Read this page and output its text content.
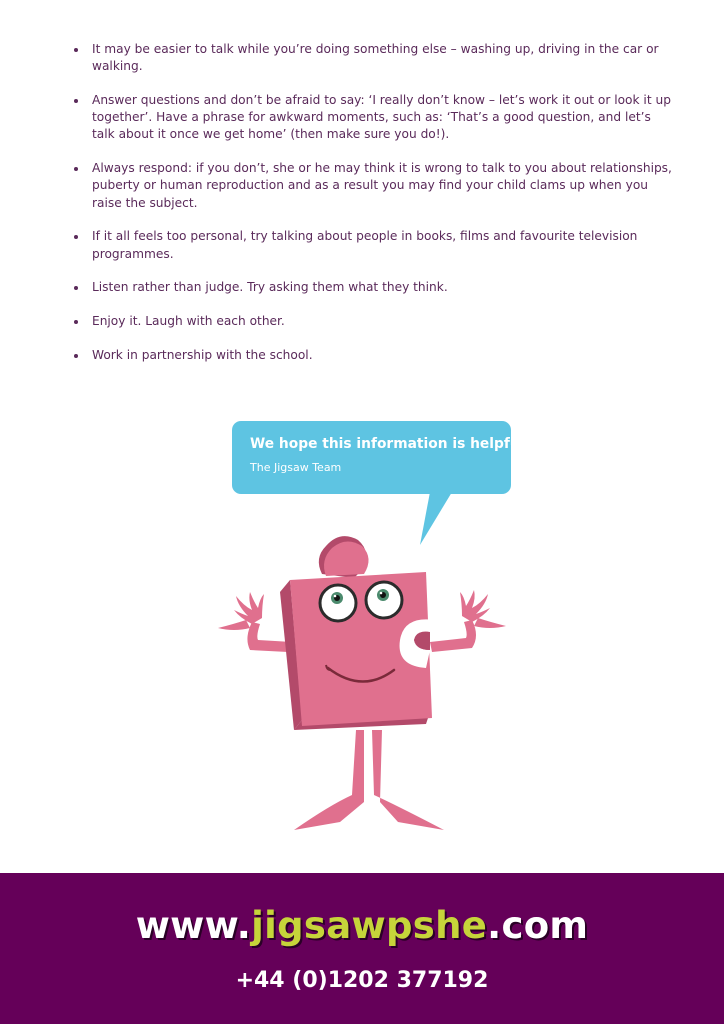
It may be easier to talk while you’re doing something else – washing up, driving in the car or walking.
Answer questions and don’t be afraid to say: ‘I really don’t know – let’s work it out or look it up together’. Have a phrase for awkward moments, such as: ‘That’s a good question, and let’s talk about it once we get home’ (then make sure you do!).
Always respond: if you don’t, she or he may think it is wrong to talk to you about relationships, puberty or human reproduction and as a result you may find your child clams up when you raise the subject.
If it all feels too personal, try talking about people in books, films and favourite television programmes.
Listen rather than judge. Try asking them what they think.
Enjoy it. Laugh with each other.
Work in partnership with the school.
We hope this information is helpful.
The Jigsaw Team
www.jigsawpshe.com
+44 (0)1202 377192
